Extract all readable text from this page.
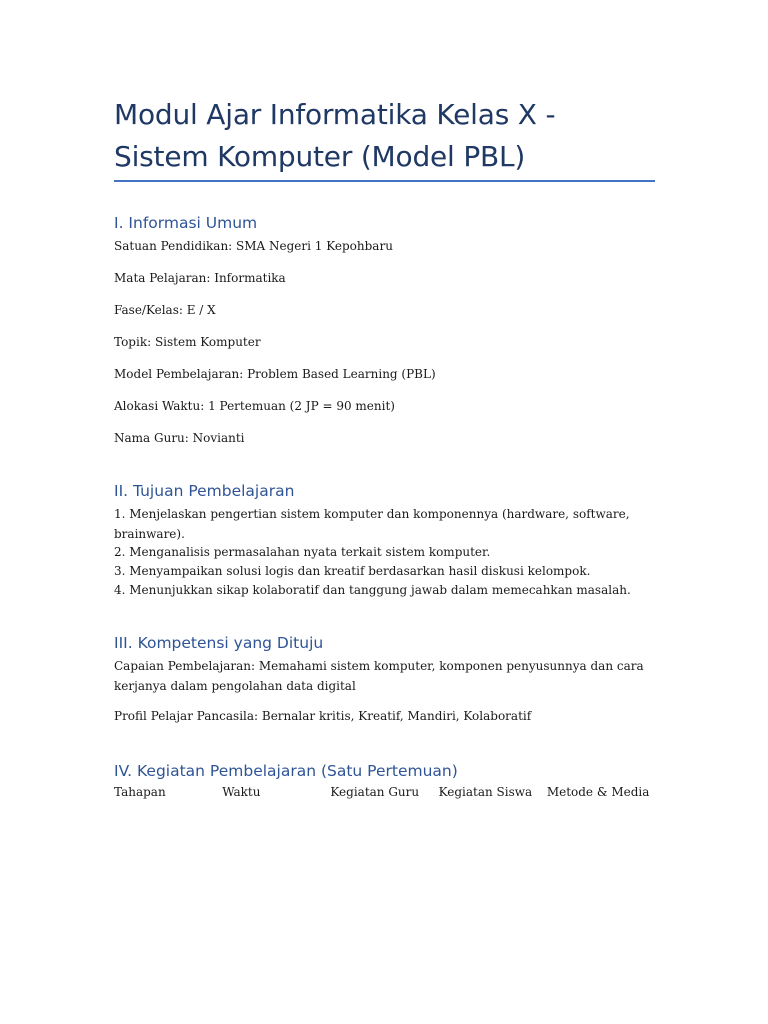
Modul Ajar Informatika Kelas X - Sistem Komputer (Model PBL)
I. Informasi Umum

Satuan Pendidikan: SMA Negeri 1 Kepohbaru

Mata Pelajaran: Informatika

Fase/Kelas: E / X

Topik: Sistem Komputer

Model Pembelajaran: Problem Based Learning (PBL)

Alokasi Waktu: 1 Pertemuan (2 JP = 90 menit)

Nama Guru: Novianti

II. Tujuan Pembelajaran

1. Menjelaskan pengertian sistem komputer dan komponennya (hardware, software, brainware).

2. Menganalisis permasalahan nyata terkait sistem komputer.

3. Menyampaikan solusi logis dan kreatif berdasarkan hasil diskusi kelompok.

4. Menunjukkan sikap kolaboratif dan tanggung jawab dalam memecahkan masalah.

III. Kompetensi yang Dituju

Capaian Pembelajaran: Memahami sistem komputer, komponen penyusunnya dan cara kerjanya dalam pengolahan data digital

Profil Pelajar Pancasila: Bernalar kritis, Kreatif, Mandiri, Kolaboratif

IV. Kegiatan Pembelajaran (Satu Pertemuan)
Tahapan	Waktu	Kegiatan Guru	Kegiatan Siswa	Metode & Media
